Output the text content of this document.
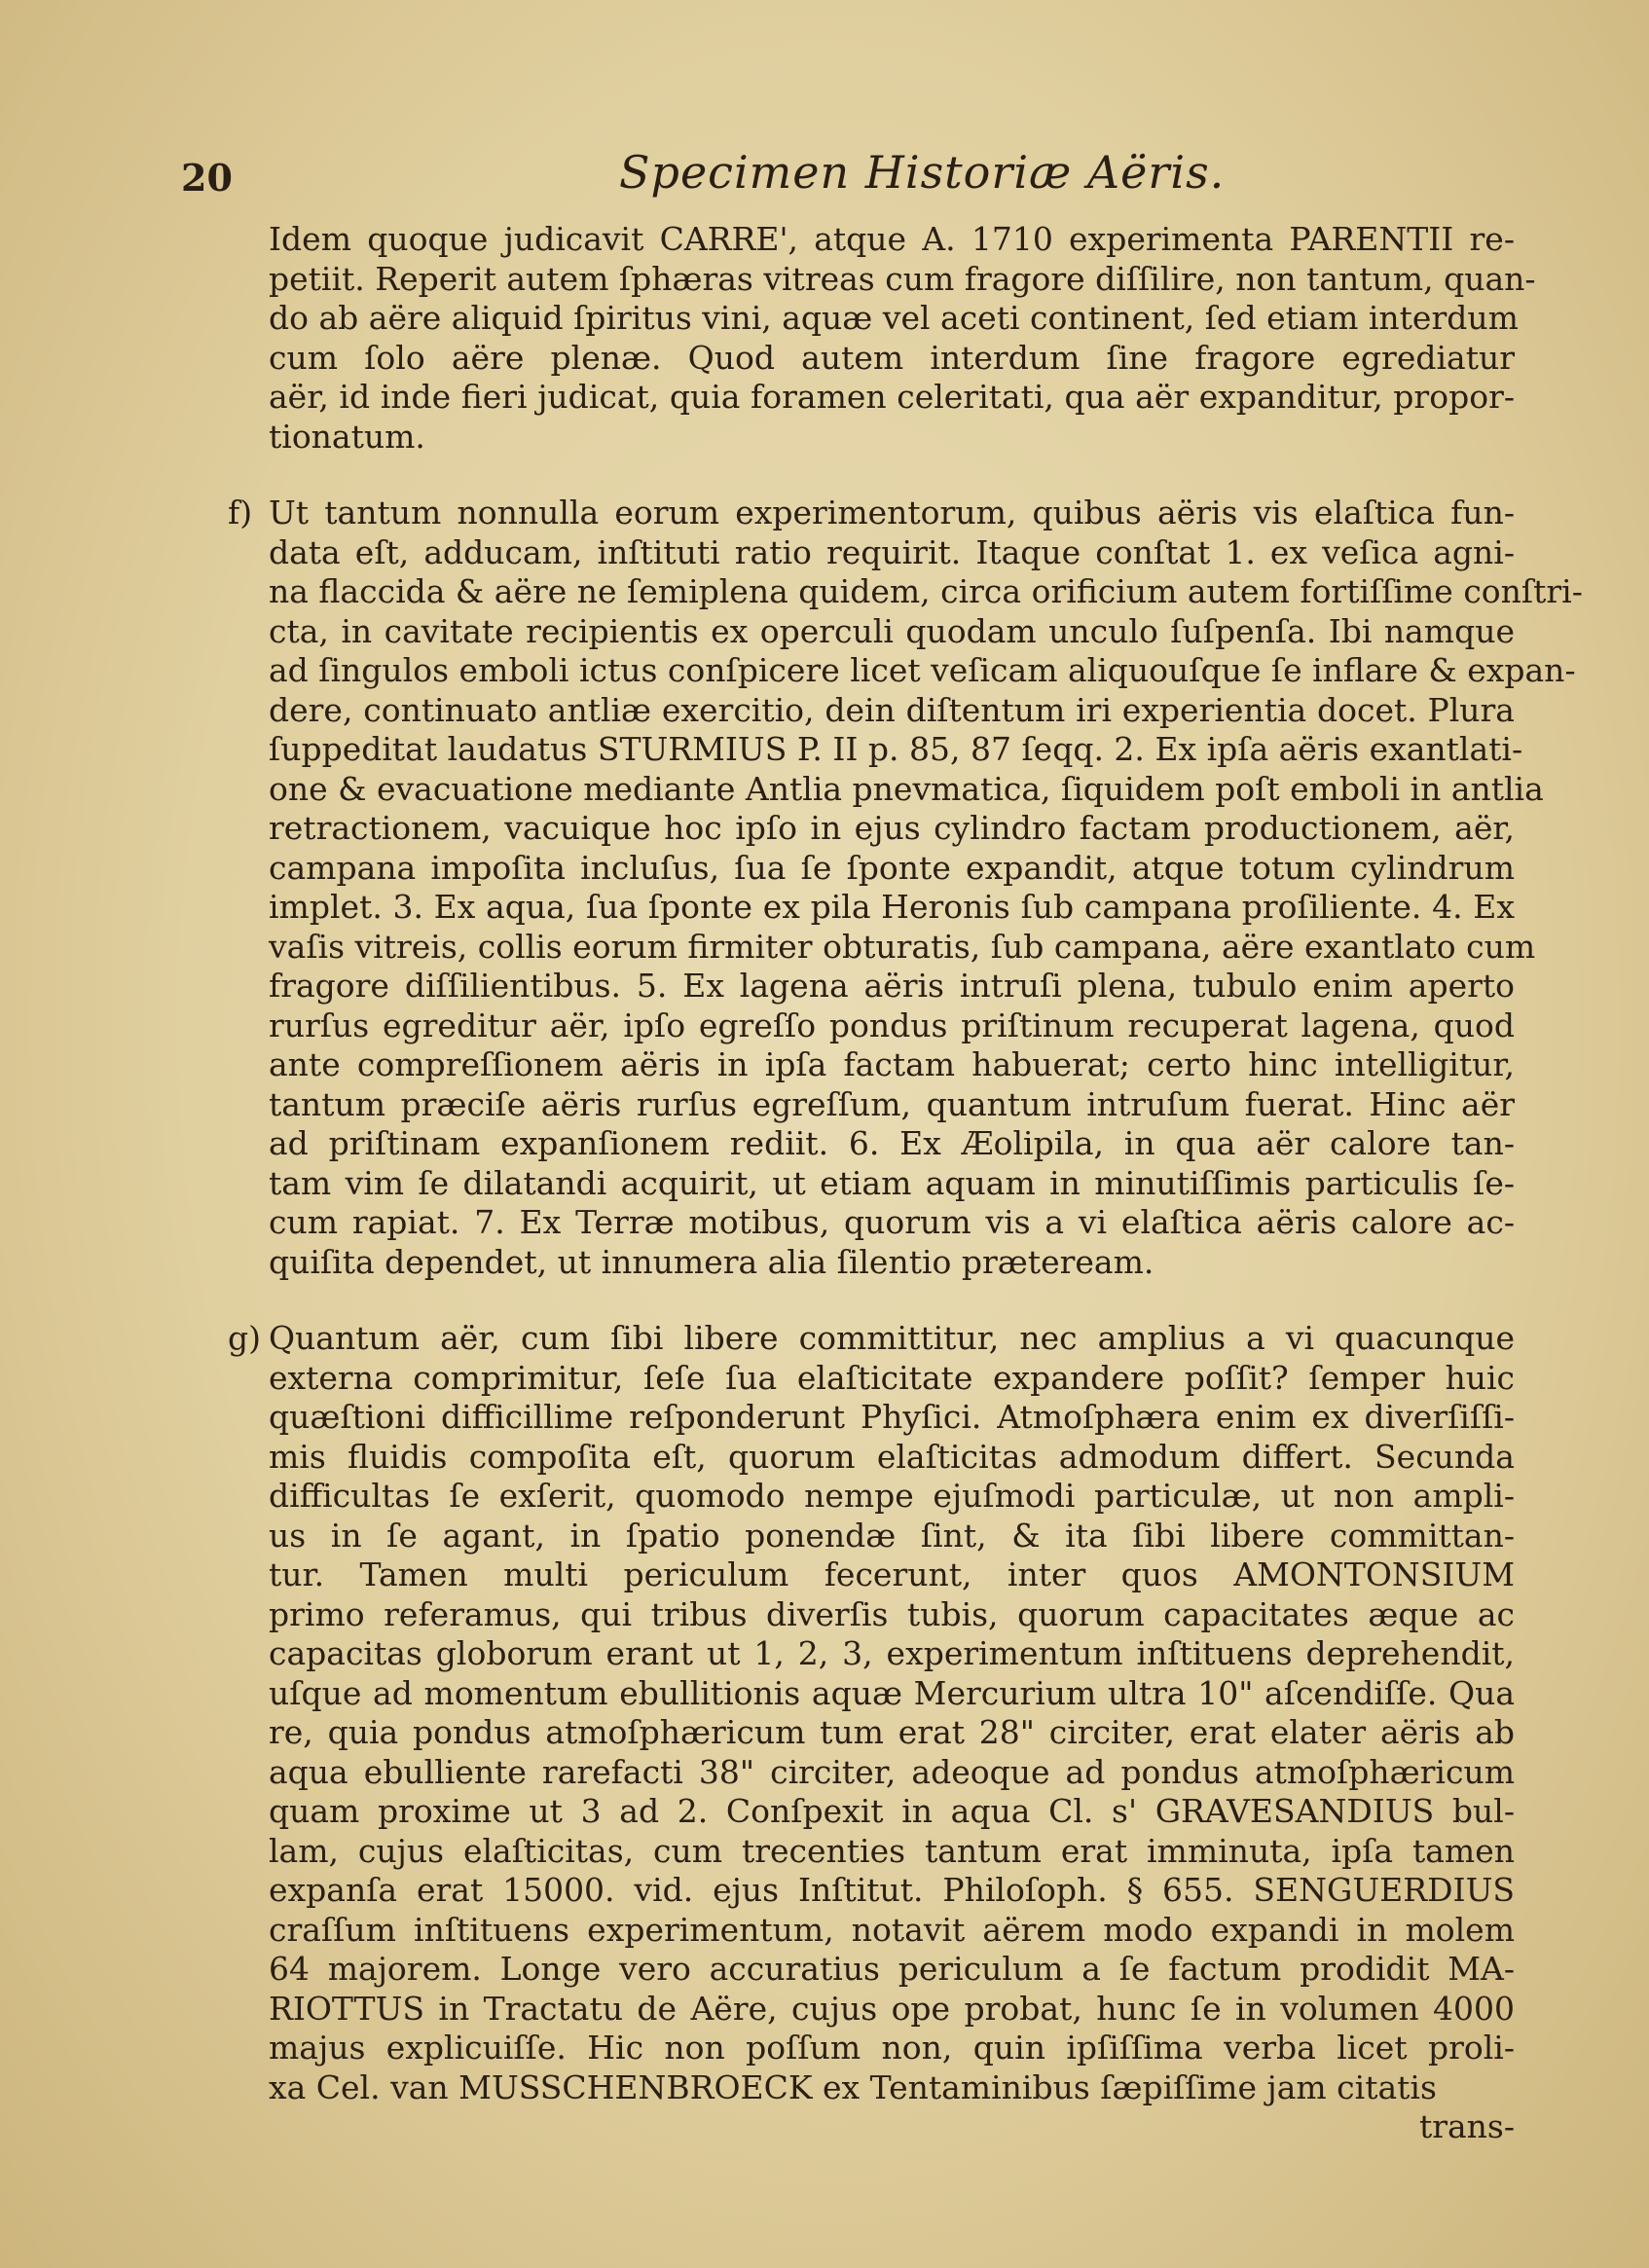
20	Specimen Historiæ Aëris.
Idem quoque judicavit CARRE', atque A. 1710 experimenta PARENTII re-
petiit. Reperit autem ſphæras vitreas cum fragore diſſilire, non tantum, quan-
do ab aëre aliquid ſpiritus vini, aquæ vel aceti continent, ſed etiam interdum
cum ſolo aëre plenæ. Quod autem interdum ſine fragore egrediatur
aër, id inde fieri judicat, quia foramen celeritati, qua aër expanditur, propor-
tionatum.
f) Ut tantum nonnulla eorum experimentorum, quibus aëris vis elaſtica fun-
data eſt, adducam, inſtituti ratio requirit. Itaque conſtat 1. ex veſica agni-
na flaccida & aëre ne ſemiplena quidem, circa orificium autem fortiſſime conſtri-
cta, in cavitate recipientis ex operculi quodam unculo ſuſpenſa. Ibi namque
ad ſingulos emboli ictus conſpicere licet veſicam aliquouſque ſe inflare & expan-
dere, continuato antliæ exercitio, dein diſtentum iri experientia docet. Plura
ſuppeditat laudatus STURMIUS P. II p. 85, 87 ſeqq. 2. Ex ipſa aëris exantlati-
one & evacuatione mediante Antlia pnevmatica, ſiquidem poſt emboli in antlia
retractionem, vacuique hoc ipſo in ejus cylindro factam productionem, aër,
campana impoſita incluſus, ſua ſe ſponte expandit, atque totum cylindrum
implet. 3. Ex aqua, ſua ſponte ex pila Heronis ſub campana proſiliente. 4. Ex
vaſis vitreis, collis eorum firmiter obturatis, ſub campana, aëre exantlato cum
fragore diſſilientibus. 5. Ex lagena aëris intruſi plena, tubulo enim aperto
rurſus egreditur aër, ipſo egreſſo pondus priſtinum recuperat lagena, quod
ante compreſſionem aëris in ipſa factam habuerat; certo hinc intelligitur,
tantum præciſe aëris rurſus egreſſum, quantum intruſum fuerat. Hinc aër
ad priſtinam expanſionem rediit. 6. Ex Æolipila, in qua aër calore tan-
tam vim ſe dilatandi acquirit, ut etiam aquam in minutiſſimis particulis ſe-
cum rapiat. 7. Ex Terræ motibus, quorum vis a vi elaſtica aëris calore ac-
quiſita dependet, ut innumera alia ſilentio præteream.
g) Quantum aër, cum ſibi libere committitur, nec amplius a vi quacunque
externa comprimitur, ſeſe ſua elaſticitate expandere poſſit? ſemper huic
quæſtioni difficillime reſponderunt Phyſici. Atmoſphæra enim ex diverſiſſi-
mis fluidis compoſita eſt, quorum elaſticitas admodum differt. Secunda
difficultas ſe exſerit, quomodo nempe ejuſmodi particulæ, ut non ampli-
us in ſe agant, in ſpatio ponendæ ſint, & ita ſibi libere committan-
tur. Tamen multi periculum fecerunt, inter quos AMONTONSIUM
primo referamus, qui tribus diverſis tubis, quorum capacitates æque ac
capacitas globorum erant ut 1, 2, 3, experimentum inſtituens deprehendit,
uſque ad momentum ebullitionis aquæ Mercurium ultra 10" aſcendiſſe. Qua
re, quia pondus atmoſphæricum tum erat 28" circiter, erat elater aëris ab
aqua ebulliente rarefacti 38" circiter, adeoque ad pondus atmoſphæricum
quam proxime ut 3 ad 2. Conſpexit in aqua Cl. s' GRAVESANDIUS bul-
lam, cujus elaſticitas, cum trecenties tantum erat imminuta, ipſa tamen
expanſa erat 15000. vid. ejus Inſtitut. Philoſoph. § 655. SENGUERDIUS
craſſum inſtituens experimentum, notavit aërem modo expandi in molem
64 majorem. Longe vero accuratius periculum a ſe factum prodidit MA-
RIOTTUS in Tractatu de Aëre, cujus ope probat, hunc ſe in volumen 4000
majus explicuiſſe. Hic non poſſum non, quin ipſiſſima verba licet proli-
xa Cel. van MUSSCHENBROECK ex Tentaminibus ſæpiſſime jam citatis
trans-
